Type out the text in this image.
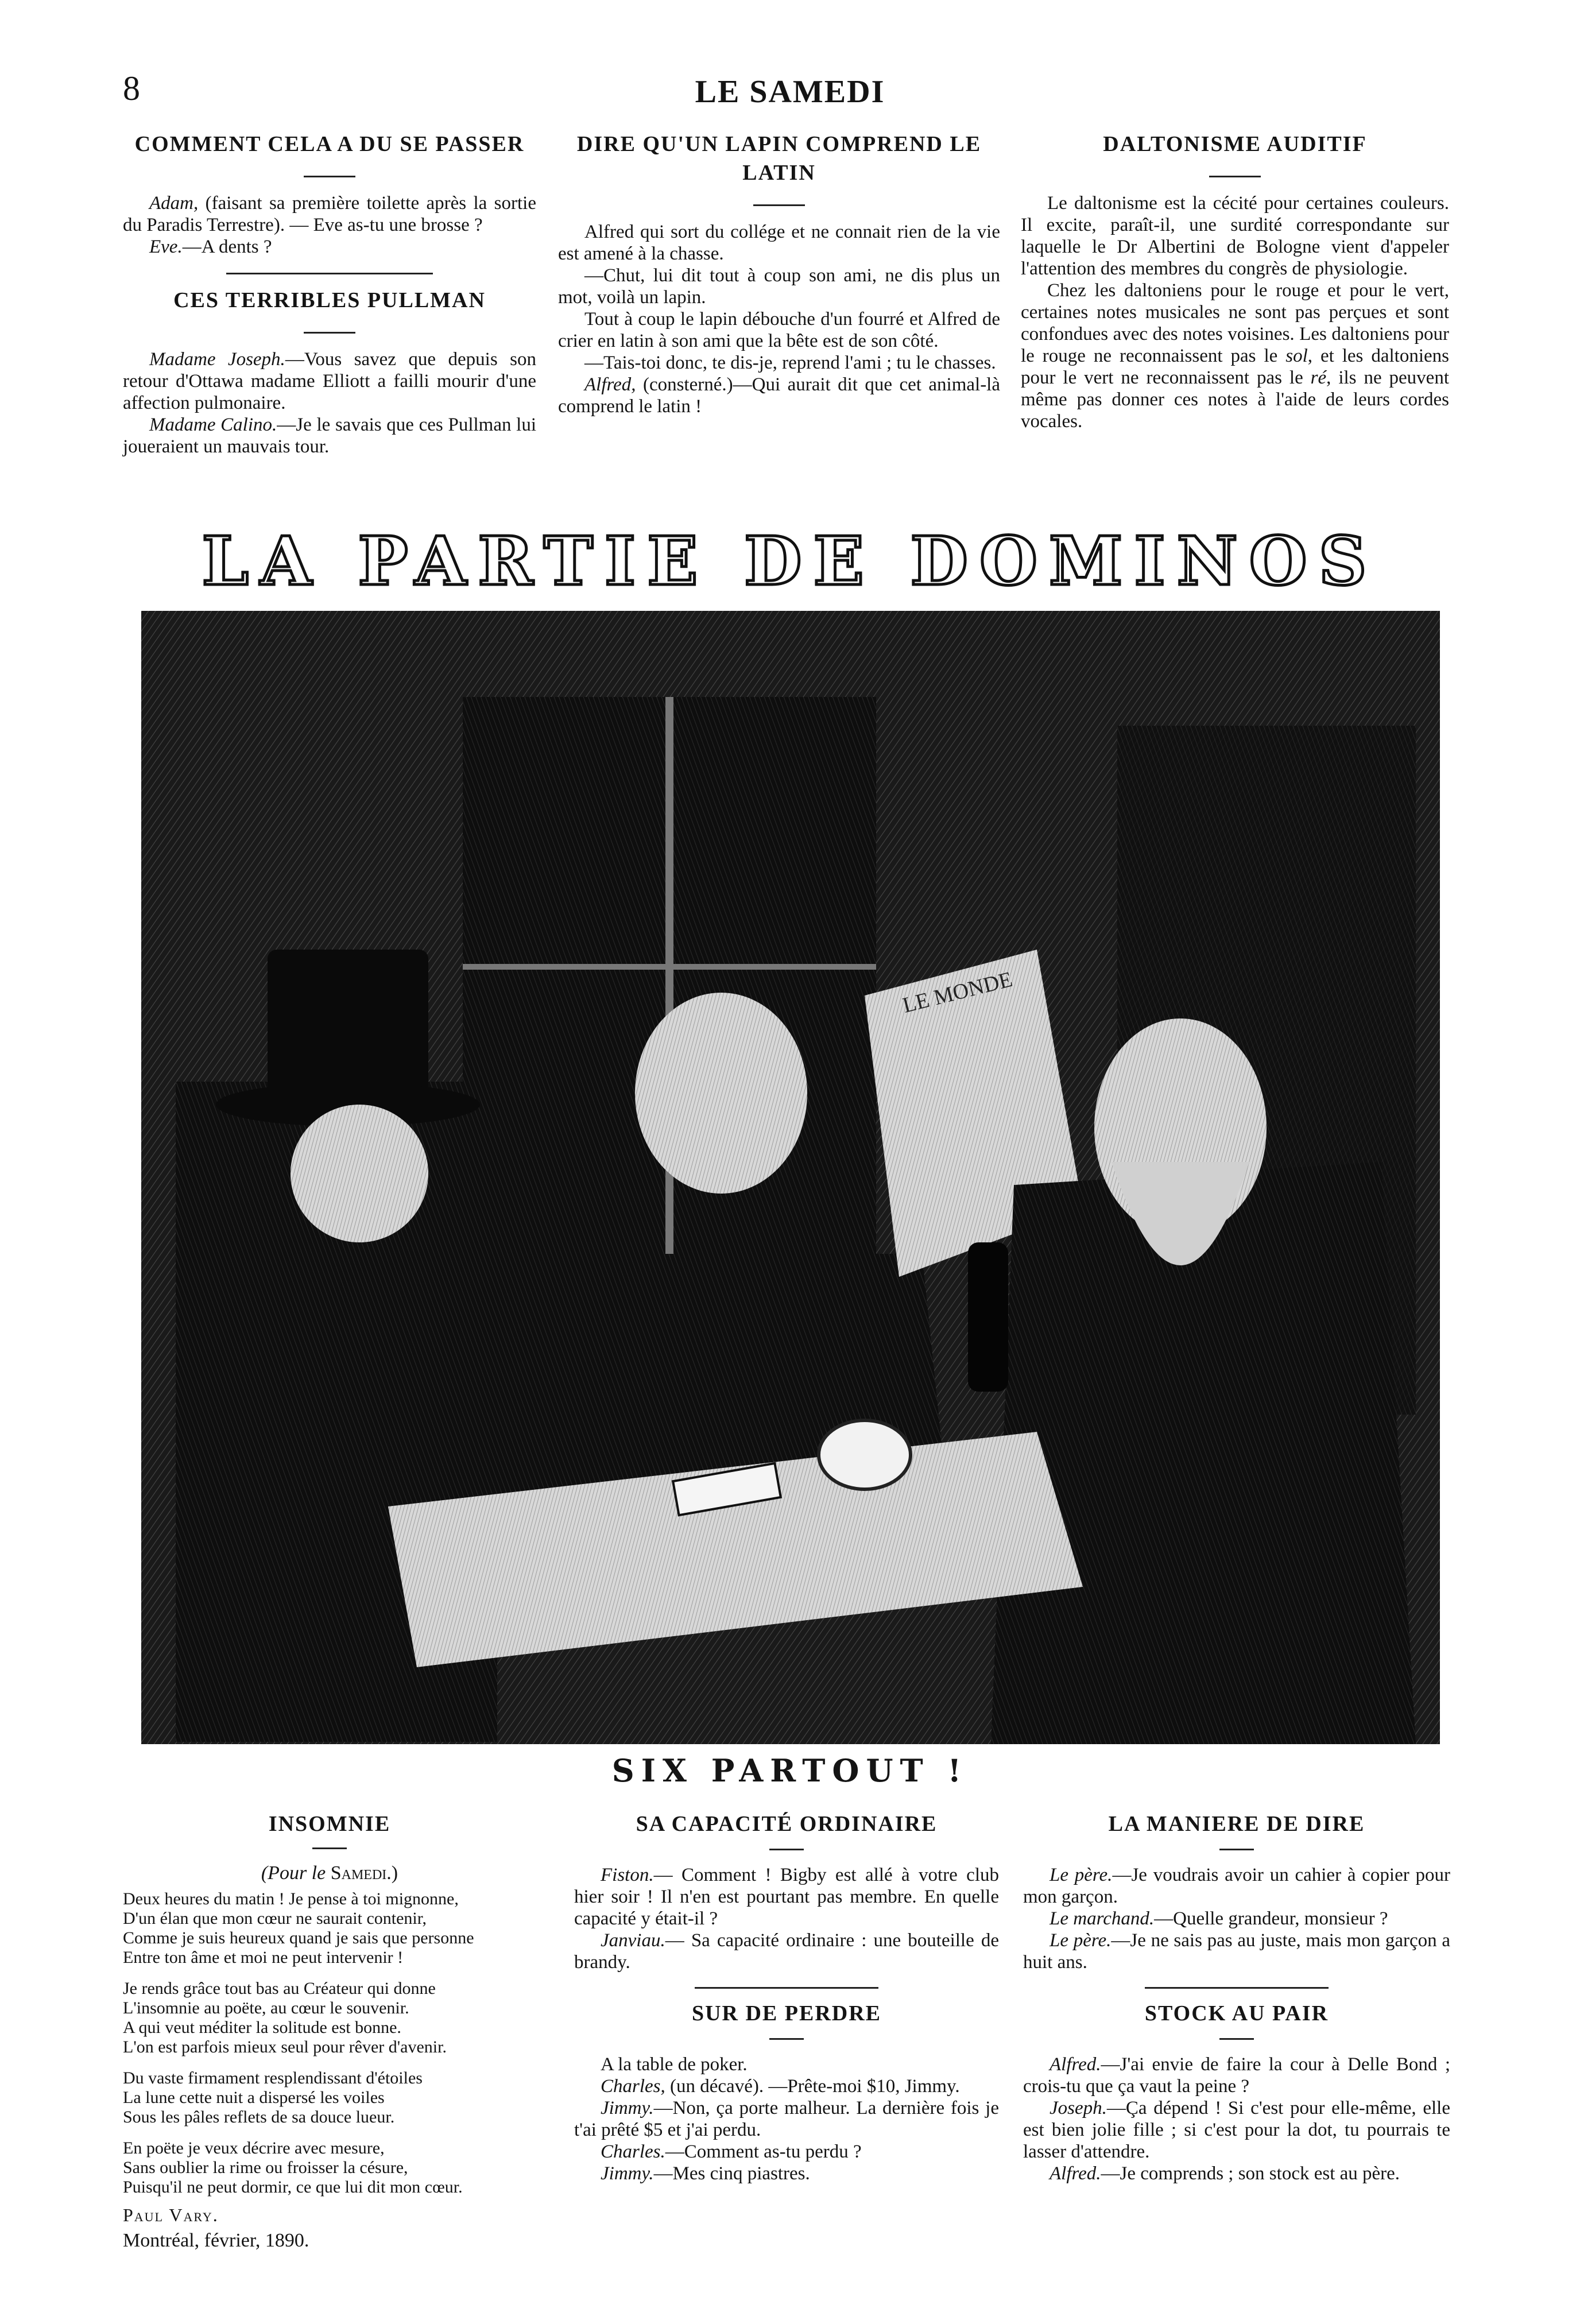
8	LE SAMEDI
COMMENT CELA A DU SE PASSER

Adam, (faisant sa première toilette après la sortie du Paradis Terrestre). — Eve as-tu une brosse ?

Eve.—A dents ?

CES TERRIBLES PULLMAN

Madame Joseph.—Vous savez que depuis son retour d'Ottawa madame Elliott a failli mourir d'une affection pulmonaire.

Madame Calino.—Je le savais que ces Pullman lui joueraient un mauvais tour.

DIRE QU'UN LAPIN COMPREND LE LATIN

Alfred qui sort du collége et ne connait rien de la vie est amené à la chasse.

—Chut, lui dit tout à coup son ami, ne dis plus un mot, voilà un lapin.

Tout à coup le lapin débouche d'un fourré et Alfred de crier en latin à son ami que la bête est de son côté.

—Tais-toi donc, te dis-je, reprend l'ami ; tu le chasses.

Alfred, (consterné.)—Qui aurait dit que cet animal-là comprend le latin !

DALTONISME AUDITIF

Le daltonisme est la cécité pour certaines couleurs. Il excite, paraît-il, une surdité correspondante sur laquelle le Dr Albertini de Bologne vient d'appeler l'attention des membres du congrès de physiologie.

Chez les daltoniens pour le rouge et pour le vert, certaines notes musicales ne sont pas perçues et sont confondues avec des notes voisines. Les daltoniens pour le rouge ne reconnaissent pas le sol, et les daltoniens pour le vert ne reconnaissent pas le ré, ils ne peuvent même pas donner ces notes à l'aide de leurs cordes vocales.

LA PARTIE DE DOMINOS
LE MONDE
SIX PARTOUT !
INSOMNIE

(Pour le Samedi.)

Deux heures du matin ! Je pense à toi mignonne,

D'un élan que mon cœur ne saurait contenir,

Comme je suis heureux quand je sais que personne

Entre ton âme et moi ne peut intervenir !

Je rends grâce tout bas au Créateur qui donne

L'insomnie au poëte, au cœur le souvenir.

A qui veut méditer la solitude est bonne.

L'on est parfois mieux seul pour rêver d'avenir.

Du vaste firmament resplendissant d'étoiles

La lune cette nuit a dispersé les voiles

Sous les pâles reflets de sa douce lueur.

En poëte je veux décrire avec mesure,

Sans oublier la rime ou froisser la césure,

Puisqu'il ne peut dormir, ce que lui dit mon cœur.

Paul Vary.

Montréal, février, 1890.

SA CAPACITÉ ORDINAIRE

Fiston.— Comment ! Bigby est allé à votre club hier soir ! Il n'en est pourtant pas membre. En quelle capacité y était-il ?

Janviau.— Sa capacité ordinaire : une bouteille de brandy.

SUR DE PERDRE

A la table de poker.

Charles, (un décavé). —Prête-moi $10, Jimmy.

Jimmy.—Non, ça porte malheur. La dernière fois je t'ai prêté $5 et j'ai perdu.

Charles.—Comment as-tu perdu ?

Jimmy.—Mes cinq piastres.

LA MANIERE DE DIRE

Le père.—Je voudrais avoir un cahier à copier pour mon garçon.

Le marchand.—Quelle grandeur, monsieur ?

Le père.—Je ne sais pas au juste, mais mon garçon a huit ans.

STOCK AU PAIR

Alfred.—J'ai envie de faire la cour à Delle Bond ; crois-tu que ça vaut la peine ?

Joseph.—Ça dépend ! Si c'est pour elle-même, elle est bien jolie fille ; si c'est pour la dot, tu pourrais te lasser d'attendre.

Alfred.—Je comprends ; son stock est au père.
